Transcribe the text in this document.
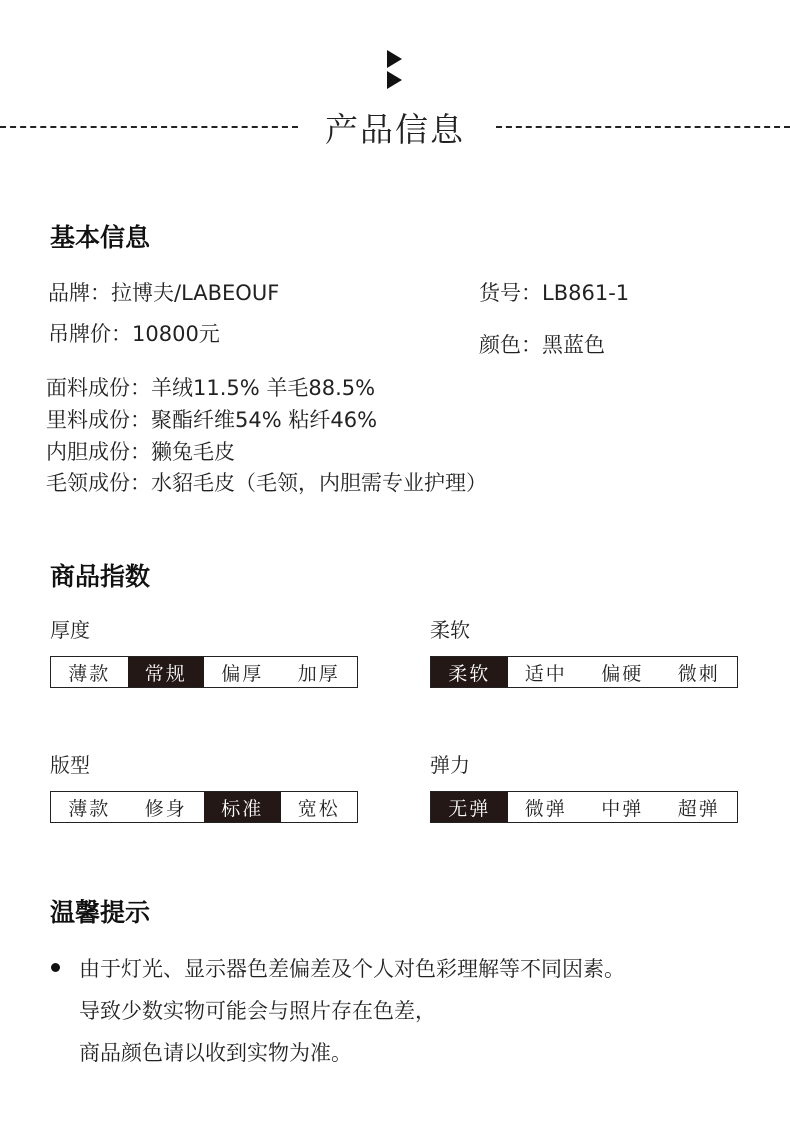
产品信息
基本信息
品牌：拉博夫/LABEOUF	货号：LB861-1
吊牌价：10800元	颜色：黑蓝色
面料成份：羊绒11.5% 羊毛88.5%
里料成份：聚酯纤维54% 粘纤46%
内胆成份：獭兔毛皮
毛领成份：水貂毛皮（毛领，内胆需专业护理）
商品指数
厚度
薄款	常规	偏厚	加厚
柔软
柔软	适中	偏硬	微刺
版型
薄款	修身	标准	宽松
弹力
无弹	微弹	中弹	超弹
温馨提示
由于灯光、显示器色差偏差及个人对色彩理解等不同因素。
导致少数实物可能会与照片存在色差，
商品颜色请以收到实物为准。
